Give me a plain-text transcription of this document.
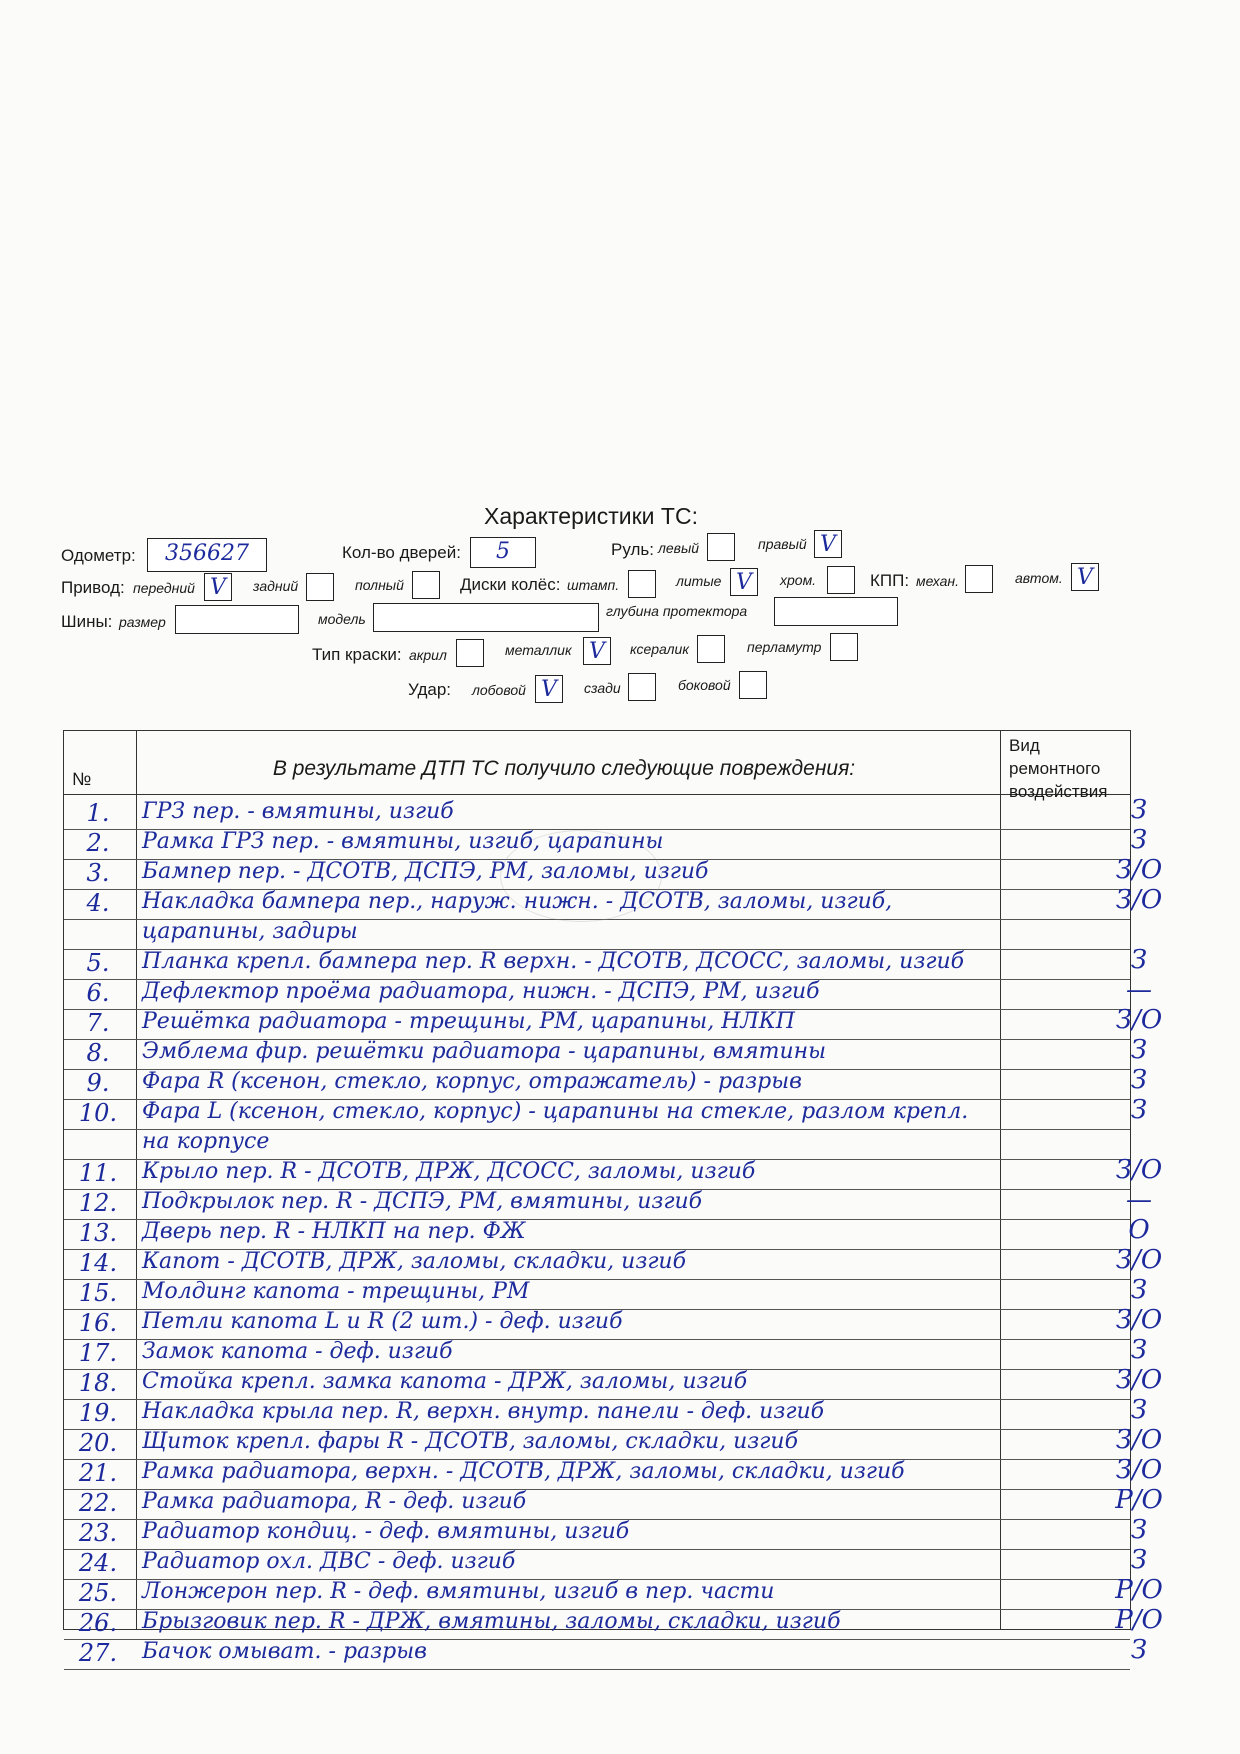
Характеристики ТС:
Одометр:	356627	Кол-во дверей:	5	Руль: левый	правый V
Привод: передний V	задний	полный	Диски колёс: штамп.	литые V	хром.	КПП: механ.	автом. V
Шины: размер	модель	глубина протектора
Тип краски: акрил	металлик V	ксералик	перламутр
Удар: лобовой V	сзади	боковой
№	В результате ДТП ТС получило следующие повреждения:
Вид
ремонтного
воздействия
1.	ГРЗ пер. - вмятины, изгиб	З
2.	Рамка ГРЗ пер. - вмятины, изгиб, царапины	З
3.	Бампер пер. - ДСОТВ, ДСПЭ, РМ, заломы, изгиб	З/О
4.	Накладка бампера пер., наруж. нижн. - ДСОТВ, заломы, изгиб,	З/О
царапины, задиры
5.	Планка крепл. бампера пер. R верхн. - ДСОТВ, ДСОСС, заломы, изгиб	З
6.	Дефлектор проёма радиатора, нижн. - ДСПЭ, РМ, изгиб	—
7.	Решётка радиатора - трещины, РМ, царапины, НЛКП	З/О
8.	Эмблема фир. решётки радиатора - царапины, вмятины	З
9.	Фара R (ксенон, стекло, корпус, отражатель) - разрыв	З
10.	Фара L (ксенон, стекло, корпус) - царапины на стекле, разлом крепл.	З
на корпусе
11.	Крыло пер. R - ДСОТВ, ДРЖ, ДСОСС, заломы, изгиб	З/О
12.	Подкрылок пер. R - ДСПЭ, РМ, вмятины, изгиб	—
13.	Дверь пер. R - НЛКП на пер. ФЖ	О
14.	Капот - ДСОТВ, ДРЖ, заломы, складки, изгиб	З/О
15.	Молдинг капота - трещины, РМ	З
16.	Петли капота L и R (2 шт.) - деф. изгиб	З/О
17.	Замок капота - деф. изгиб	З
18.	Стойка крепл. замка капота - ДРЖ, заломы, изгиб	З/О
19.	Накладка крыла пер. R, верхн. внутр. панели - деф. изгиб	З
20.	Щиток крепл. фары R - ДСОТВ, заломы, складки, изгиб	З/О
21.	Рамка радиатора, верхн. - ДСОТВ, ДРЖ, заломы, складки, изгиб	З/О
22.	Рамка радиатора, R - деф. изгиб	Р/О
23.	Радиатор кондиц. - деф. вмятины, изгиб	З
24.	Радиатор охл. ДВС - деф. изгиб	З
25.	Лонжерон пер. R - деф. вмятины, изгиб в пер. части	Р/О
26.	Брызговик пер. R - ДРЖ, вмятины, заломы, складки, изгиб	Р/О
27.	Бачок омыват. - разрыв	З
